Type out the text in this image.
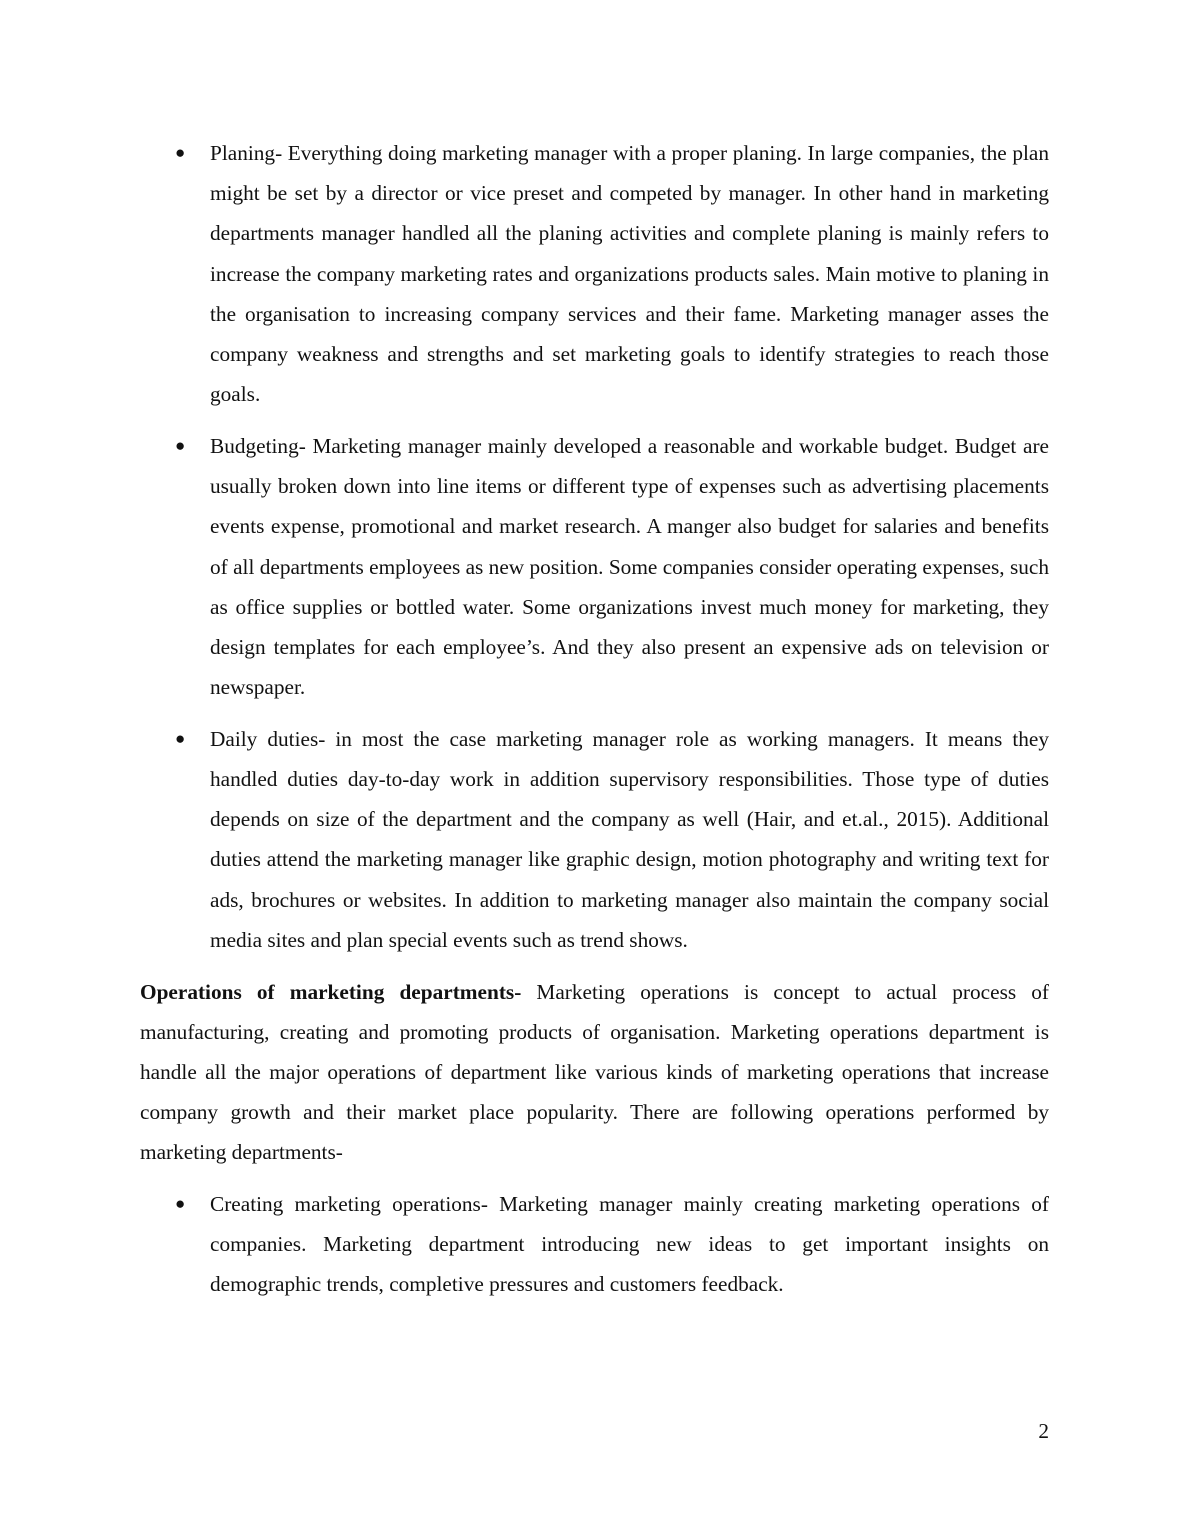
● Planing- Everything doing marketing manager with a proper planing. In large companies, the plan might be set by a director or vice preset and competed by manager. In other hand in marketing departments manager handled all the planing activities and complete planing is mainly refers to increase the company marketing rates and organizations products sales. Main motive to planing in the organisation to increasing company services and their fame. Marketing manager asses the company weakness and strengths and set marketing goals to identify strategies to reach those goals.
● Budgeting- Marketing manager mainly developed a reasonable and workable budget. Budget are usually broken down into line items or different type of expenses such as advertising placements events expense, promotional and market research. A manger also budget for salaries and benefits of all departments employees as new position. Some companies consider operating expenses, such as office supplies or bottled water. Some organizations invest much money for marketing, they design templates for each employee’s. And they also present an expensive ads on television or newspaper.
● Daily duties- in most the case marketing manager role as working managers. It means they handled duties day-to-day work in addition supervisory responsibilities. Those type of duties depends on size of the department and the company as well (Hair, and et.al., 2015). Additional duties attend the marketing manager like graphic design, motion photography and writing text for ads, brochures or websites. In addition to marketing manager also maintain the company social media sites and plan special events such as trend shows.

Operations of marketing departments- Marketing operations is concept to actual process of manufacturing, creating and promoting products of organisation. Marketing operations department is handle all the major operations of department like various kinds of marketing operations that increase company growth and their market place popularity. There are following operations performed by marketing departments-

● Creating marketing operations- Marketing manager mainly creating marketing operations of companies. Marketing department introducing new ideas to get important insights on demographic trends, completive pressures and customers feedback.
2
